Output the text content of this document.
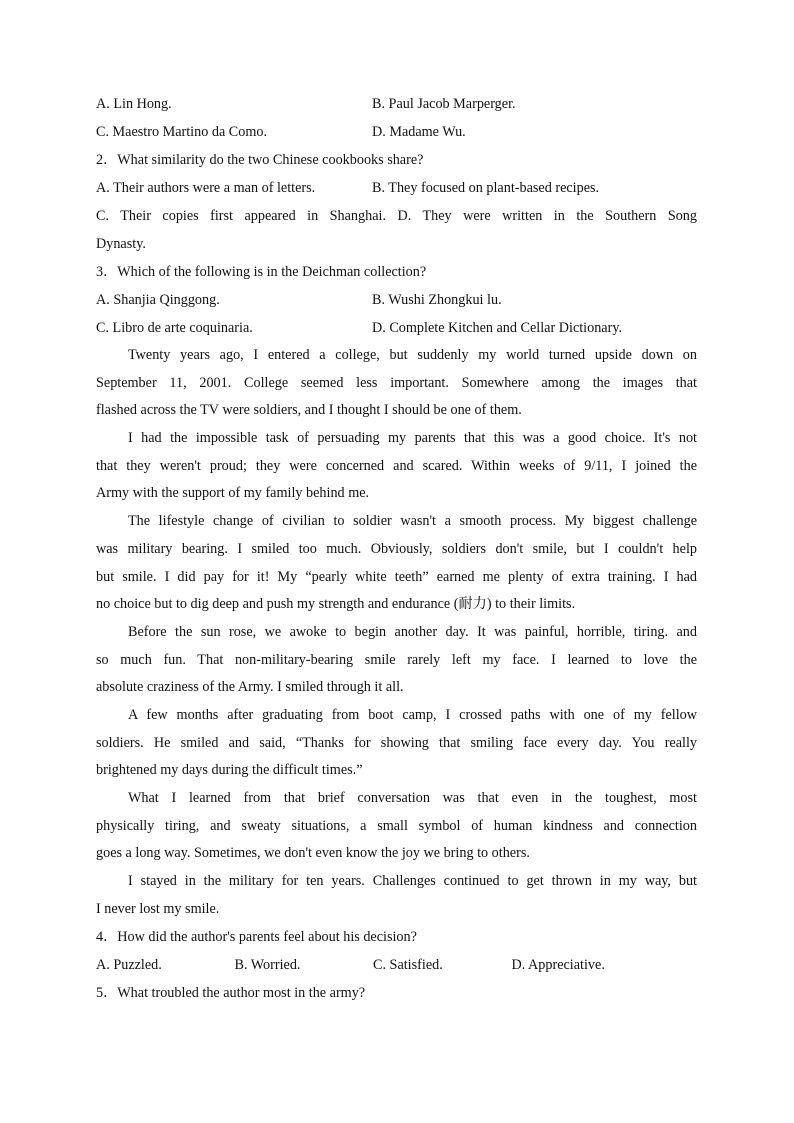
A. Lin Hong.	B. Paul Jacob Marperger.
C. Maestro Martino da Como.	D. Madame Wu.
2．What similarity do the two Chinese cookbooks share?
A. Their authors were a man of letters.	B. They focused on plant-based recipes.
C. Their copies first appeared in Shanghai. D. They were written in the Southern Song
Dynasty.
3．Which of the following is in the Deichman collection?
A. Shanjia Qinggong.	B. Wushi Zhongkui lu.
C. Libro de arte coquinaria.	D. Complete Kitchen and Cellar Dictionary.
Twenty years ago, I entered a college, but suddenly my world turned upside down on
September 11, 2001. College seemed less important. Somewhere among the images that
flashed across the TV were soldiers, and I thought I should be one of them.
I had the impossible task of persuading my parents that this was a good choice. It's not
that they weren't proud; they were concerned and scared. Within weeks of 9/11, I joined the
Army with the support of my family behind me.
The lifestyle change of civilian to soldier wasn't a smooth process. My biggest challenge
was military bearing. I smiled too much. Obviously, soldiers don't smile, but I couldn't help
but smile. I did pay for it! My “pearly white teeth” earned me plenty of extra training. I had
no choice but to dig deep and push my strength and endurance (耐力) to their limits.
Before the sun rose, we awoke to begin another day. It was painful, horrible, tiring. and
so much fun. That non-military-bearing smile rarely left my face. I learned to love the
absolute craziness of the Army. I smiled through it all.
A few months after graduating from boot camp, I crossed paths with one of my fellow
soldiers. He smiled and said, “Thanks for showing that smiling face every day. You really
brightened my days during the difficult times.”
What I learned from that brief conversation was that even in the toughest, most
physically tiring, and sweaty situations, a small symbol of human kindness and connection
goes a long way. Sometimes, we don't even know the joy we bring to others.
I stayed in the military for ten years. Challenges continued to get thrown in my way, but
I never lost my smile.
4．How did the author's parents feel about his decision?
A. Puzzled.	B. Worried.	C. Satisfied.	D. Appreciative.
5．What troubled the author most in the army?
